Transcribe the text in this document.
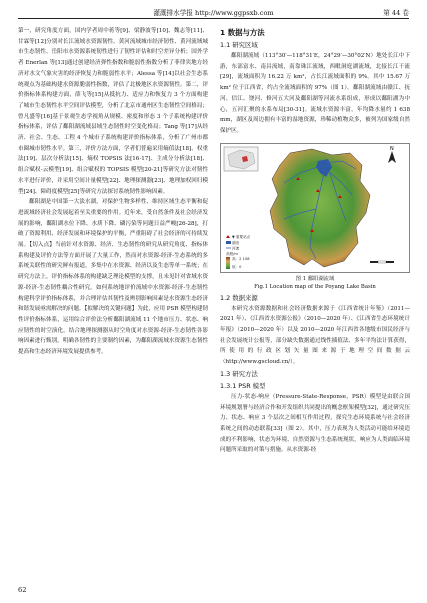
灌溉排水学报 http://www.ggpsxb.com	第 44 卷

第一，研究角度方面，国内学者周中蒋等[9]、梁静波等[10]、魏志等[11]、甘霖等[12]分别对长江流域水资源韧性、黄河流域城市经济韧性、黄河流域城市生态韧性、岳阳市水资源系统韧性进行了韧性评估和时空差异分析；国外学者 Enerlan 等[13]通过创建经济弹性指数和脆弱性指数分析了菲律宾地方经济对水文气象灾害的经济恢复力和脆弱性水平；Alessa 等[14]以社会生态系统观点为基础构建水资源脆弱性指数，评估了北极地区水资源韧性。第二，评价指标体系构建方面，薛飞等[15]从抵抗力、适应力和恢复力 3 个方面构建了城市生态韧性水平空间评估模型，分析了北京市通州区生态韧性空间格局；曾凡盛等[16]基于景观生态学视角从规模、密度和形态 3 个子系统构建评价指标体系，评估了鄱阳湖流域县域生态韧性时空变化格局；Tang 等[17]从经济、社会、生态、工程 4 个城市子系统构建评价指标体系，分析了广州市都市圈城市韧性水平。第三，评价方法方面，学者们普遍采用熵值法[18]、权重法[19]、层次分析法[15]、熵权 TOPSIS 法[16-17]、主成分分析法[18]、组合赋权-云模型[19]、组合赋权的 TOPSIS 模型[20-21]等研究方法对韧性水平进行评价，并采用空间计量模型[22]、地理探测器[23]、地理加权回归模型[24]、障碍度模型[25]等研究方法探讨系统韧性影响因素。

鄱阳湖是中国第一大淡水湖，对保护生物多样性、维持区域生态平衡和促进流域经济社会发展起着至关重要的作用。近年来，受自然条件及社会经济发展的影响，鄱阳湖水位下降、水质下降、磷污染等问题日益严峻[26-28]，打破了资源利用、经济发展和环境保护的平衡，严重阻碍了社会经济的可持续发展。【切入点】当前针对水资源、经济、生态韧性的研究从研究角度、指标体系构建及评价方法等方面开展了大量工作，然而对水资源-经济-生态系统的多系统关联性的研究鲜有报道，多集中在水资源、经济以及生态等单一系统；在研究方法上，评价指标体系的构建缺乏理论模型的支撑，且未见针对省域水资源-经济-生态韧性耦合性研究。如何系统地评价流域中水资源-经济-生态韧性构建科学评价指标体系，并合理评估其韧性及辨别影响因素是水资源生态经济和谐发展亟需解决的问题。【拟解决的关键问题】为此，应用 PSR 模型构建韧性评价指标体系，运用综合评价法分析鄱阳湖流域 11 个地市压力、状态、响应韧性的时空演化，结合地理探测器从时空角度对水资源-经济-生态韧性各影响因素进行甄别，明确各韧性的主要制约因素，为鄱阳湖流域水资源生态韧性提高和生态经济环境发展提供参考。

1 数据与方法
1.1 研究区域

鄱阳湖流域（113°30′—118°31′E，24°29′—30°02′N）地处长江中下游，东部富水、南昌流域，南靠珠江流域，西毗洞庭湖流域，北接长江干流[29]，流域面积为 16.22 万 km²，占长江流域面积的 9%。其中 15.67 万 km² 位于江西省，约占全流域面积的 97%（图 1）。鄱阳湖流域由赣江、抚河、信江、饶河、修河五大河及鄱阳湖等河流水系组成，形成以鄱阳湖为中心，五河汇聚的水系布局[30-31]。流域水资源丰富，年均降水量约 1 638 mm，湖区及周边拥有丰富的湿地资源，珍稀动植物众多，被列为国家级自然保护区。

N
▼ 重要站点
湖泊
河流
高程/m
高：2 158
低：0
图 1 鄱阳湖流域
Fig.1 Location map of the Poyang Lake Basin
1.2 数据来源

本研究水资源数据和社会经济数据来源于《江西省统计年鉴》（2011—2021 年）、《江西省水资源公报》（2010—2020 年）、《江西省生态环境统计年报》（2010—2020 年）以及 2010—2020 年江西省各地级市国民经济与社会发展统计公报等，部分缺失数据通过线性插值法、多年平均法计算获得，所使用的行政区划矢量图来源于地理空间数据云（http://www.gscloud.cn/）。

1.3 研究方法
1.3.1 PSR 模型

压力-状态-响应（Pressure-State-Response，PSR）模型是由联合国环境规划署与经济合作和开发组织共同提出的概念框架模型[32]，通过研究压力、状态、响应 3 个层次之间相互作用过程，探究生态环境系统与社会经济系统之间的动态联系[33]（图 2）。其中，压力表现为人类活动可能给环境造成的不利影响，状态为环境、自然资源与生态系统现状，响应为人类面临环境问题所采取的对策与措施。从水资源-经

62
